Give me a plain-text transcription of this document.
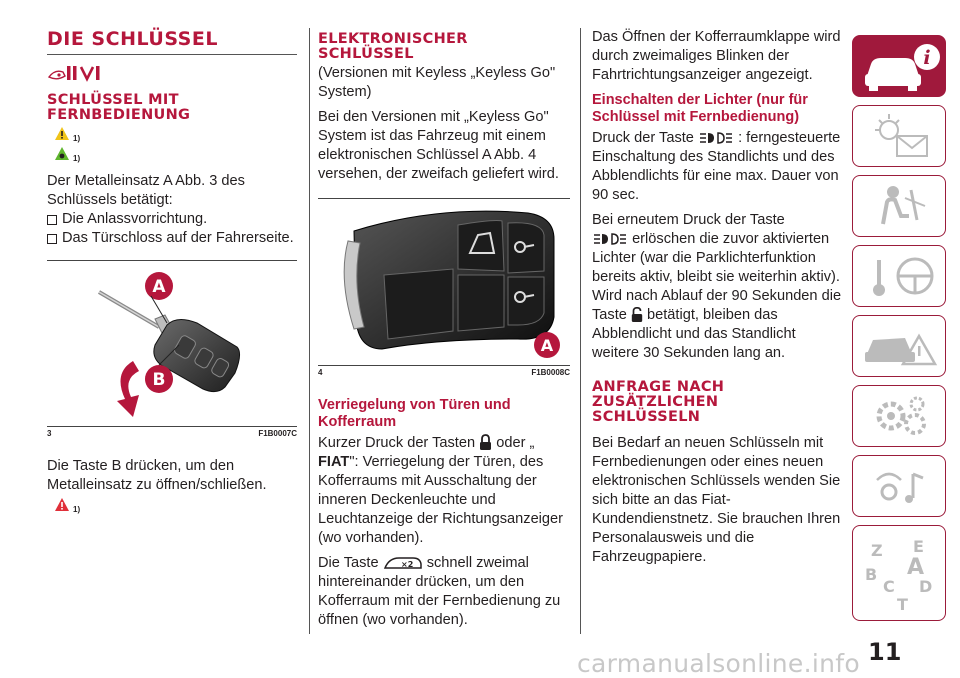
DIE SCHLÜSSEL
SCHLÜSSEL MIT FERNBEDIENUNG
1)
1)

Der Metalleinsatz A Abb. 3 des Schlüssels betätigt:

Die Anlassvorrichtung.
Das Türschloss auf der Fahrerseite.
A
B
3	F1B0007C

Die Taste B drücken, um den Metalleinsatz zu öffnen/schließen.

1)
ELEKTRONISCHER SCHLÜSSEL

(Versionen mit Keyless „Keyless Go" System)

Bei den Versionen mit „Keyless Go" System ist das Fahrzeug mit einem elektronischen Schlüssel A Abb. 4 versehen, der zweifach geliefert wird.

A
4	F1B0008C
Verriegelung von Türen und Kofferraum

Kurzer Druck der Tasten oder „
FIAT": Verriegelung der Türen, des Kofferraums mit Ausschaltung der inneren Deckenleuchte und Leuchtanzeige der Richtungsanzeiger (wo vorhanden).

Die Taste	×2 schnell zweimal hintereinander drücken, um den Kofferraum mit der Fernbedienung zu öffnen (wo vorhanden).

Das Öffnen der Kofferraumklappe wird durch zweimaliges Blinken der Fahrtrichtungsanzeiger angezeigt.

Einschalten der Lichter (nur für Schlüssel mit Fernbedienung)

Druck der Taste	: ferngesteuerte Einschaltung des Standlichts und des Abblendlichts für eine max. Dauer von 90 sec.

Bei erneutem Druck der Taste
erlöschen die zuvor aktivierten Lichter (war die Parklichterfunktion bereits aktiv, bleibt sie weiterhin aktiv).

Wird nach Ablauf der 90 Sekunden die Taste betätigt, bleiben das Abblendlicht und das Standlicht weitere 30 Sekunden lang an.

ANFRAGE NACH ZUSÄTZLICHEN SCHLÜSSELN

Bei Bedarf an neuen Schlüsseln mit Fernbedienungen oder eines neuen elektronischen Schlüssels wenden Sie sich bitte an das Fiat-Kundendienstnetz. Sie brauchen Ihren Personalausweis und die Fahrzeugpapiere.

i
Z E
B A
C
T
D
11
carmanualsonline.info
